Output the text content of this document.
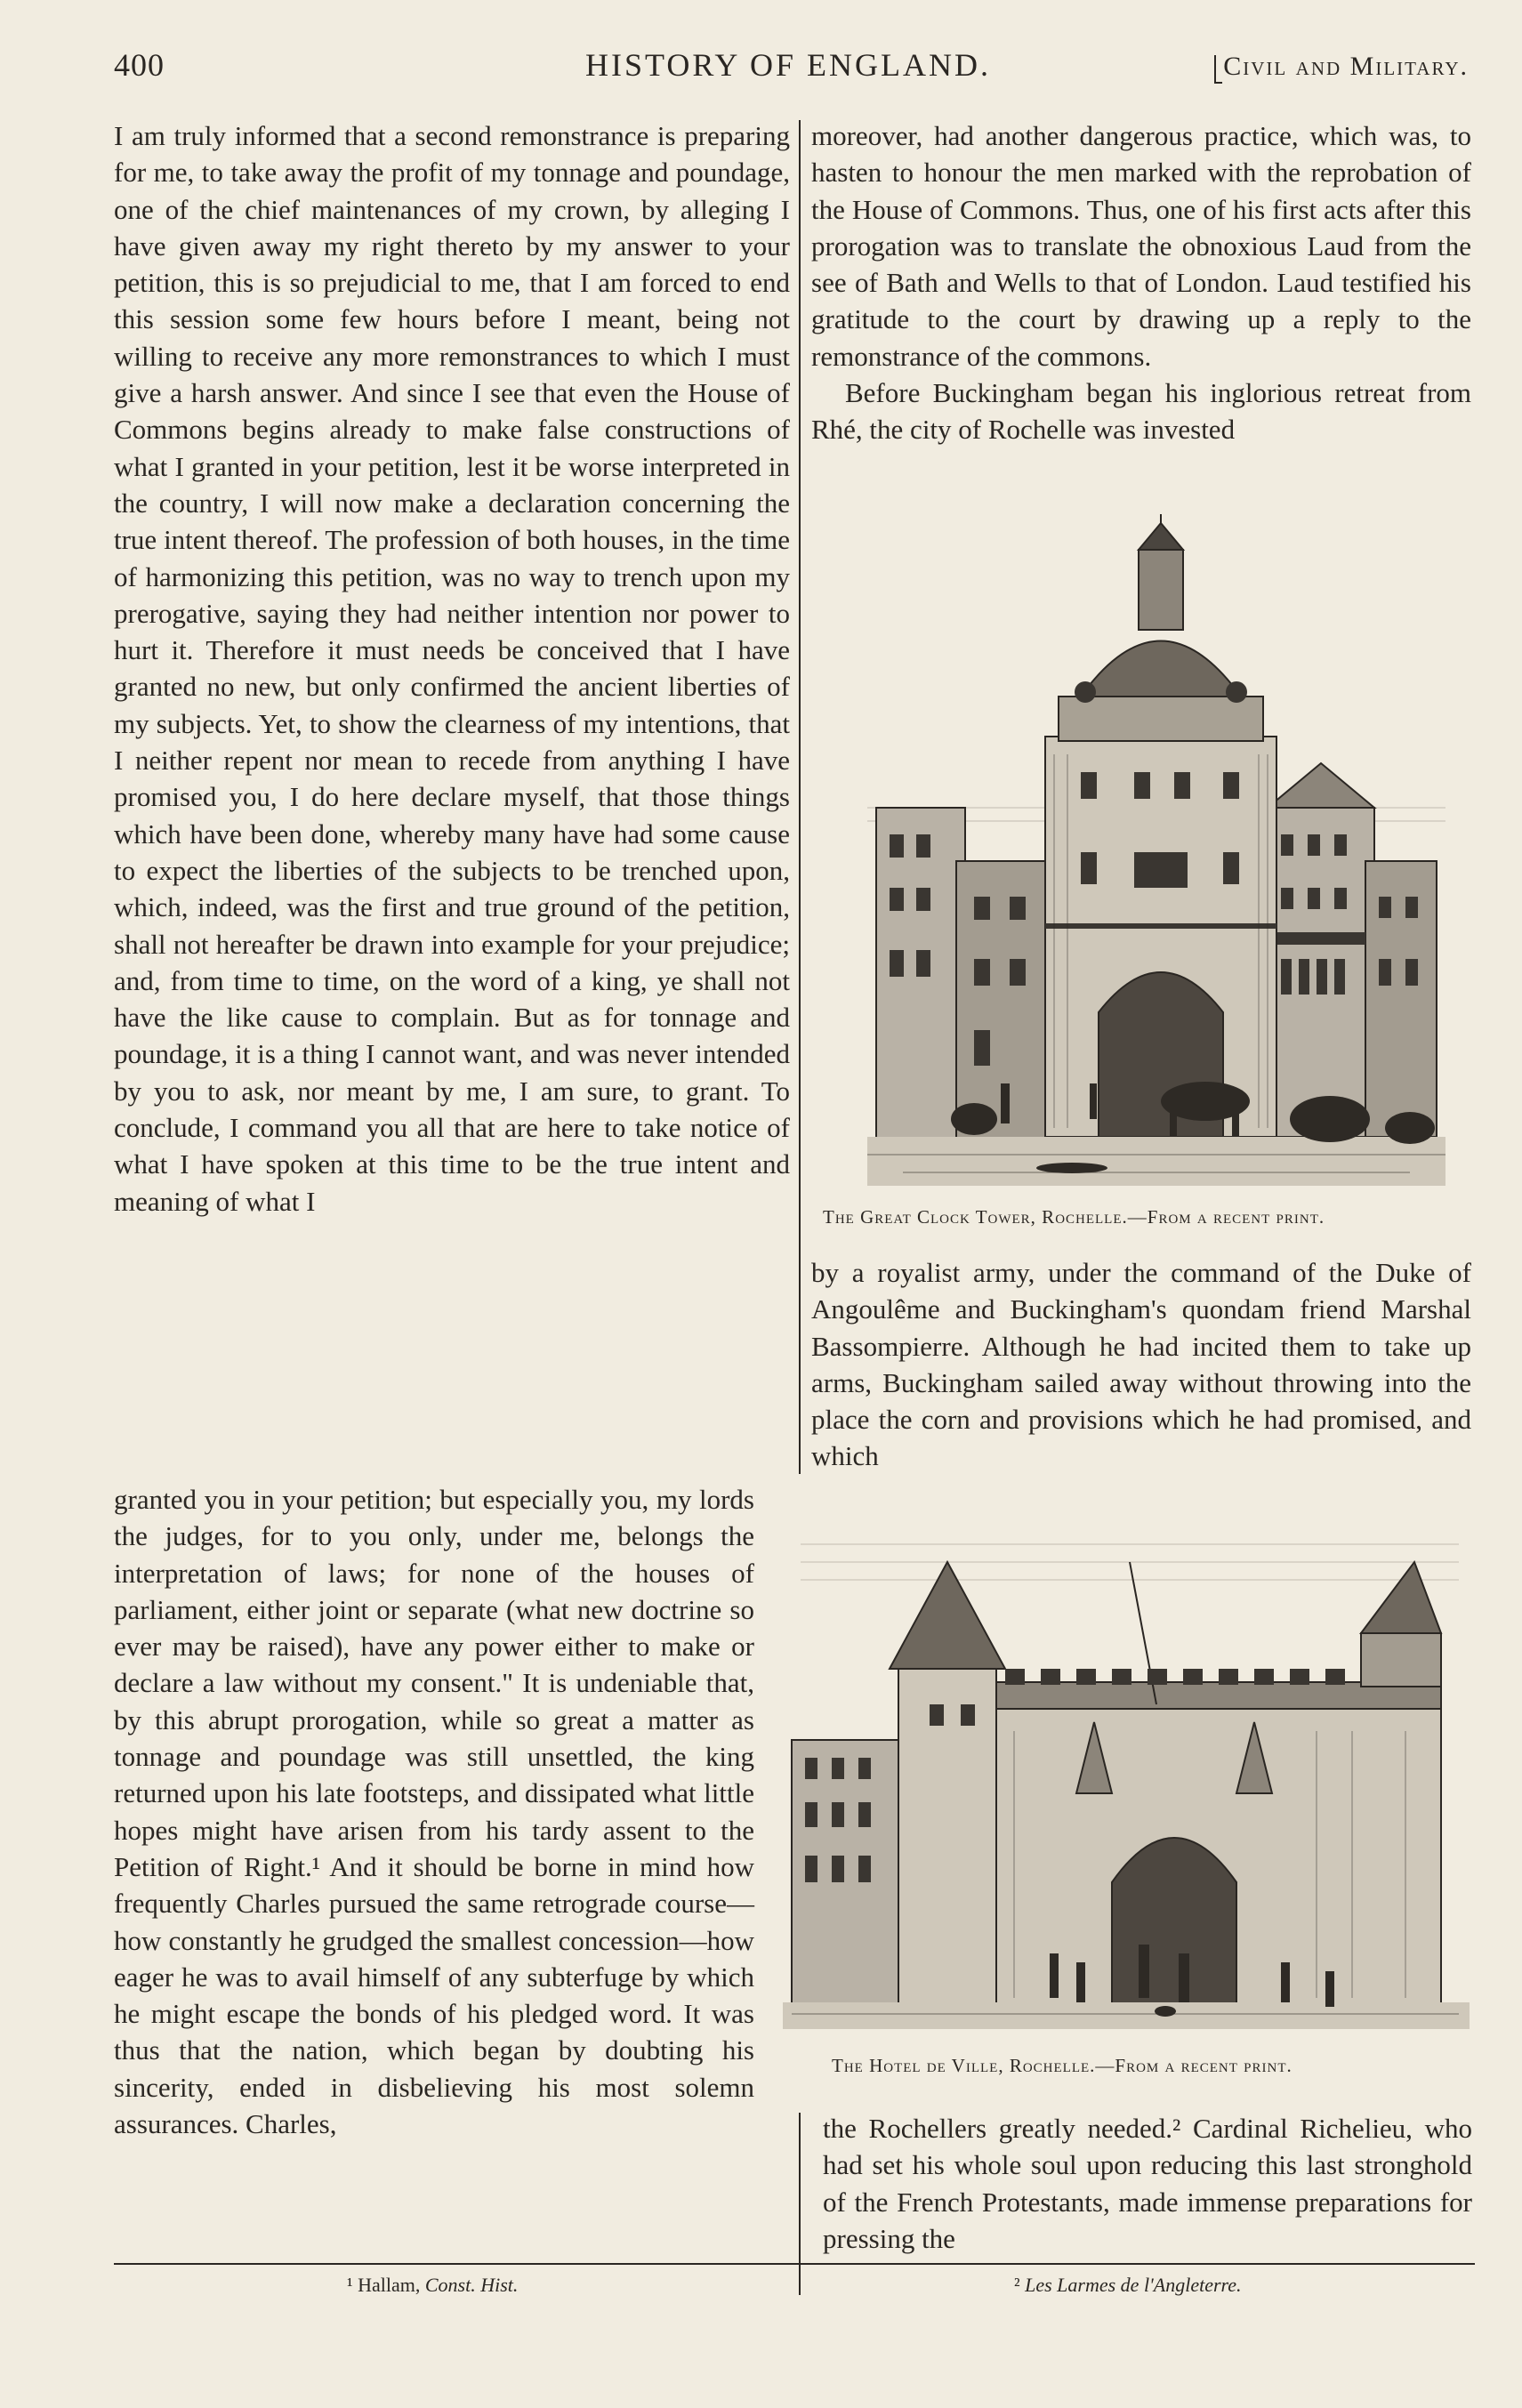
400	HISTORY OF ENGLAND.	Civil and Military.

I am truly informed that a second remonstrance is preparing for me, to take away the profit of my tonnage and poundage, one of the chief maintenances of my crown, by alleging I have given away my right thereto by my answer to your petition, this is so prejudicial to me, that I am forced to end this session some few hours before I meant, being not willing to receive any more remonstrances to which I must give a harsh answer. And since I see that even the House of Commons begins already to make false constructions of what I granted in your petition, lest it be worse interpreted in the country, I will now make a declaration concerning the true intent thereof. The profession of both houses, in the time of harmonizing this petition, was no way to trench upon my prerogative, saying they had neither intention nor power to hurt it. Therefore it must needs be conceived that I have granted no new, but only confirmed the ancient liberties of my subjects. Yet, to show the clearness of my intentions, that I neither repent nor mean to recede from anything I have promised you, I do here declare myself, that those things which have been done, whereby many have had some cause to expect the liberties of the subjects to be trenched upon, which, indeed, was the first and true ground of the petition, shall not hereafter be drawn into example for your prejudice; and, from time to time, on the word of a king, ye shall not have the like cause to complain. But as for tonnage and poundage, it is a thing I cannot want, and was never intended by you to ask, nor meant by me, I am sure, to grant. To conclude, I command you all that are here to take notice of what I have spoken at this time to be the true intent and meaning of what I

moreover, had another dangerous practice, which was, to hasten to honour the men marked with the reprobation of the House of Commons. Thus, one of his first acts after this prorogation was to translate the obnoxious Laud from the see of Bath and Wells to that of London. Laud testified his gratitude to the court by drawing up a reply to the remonstrance of the commons.

Before Buckingham began his inglorious retreat from Rhé, the city of Rochelle was invested

The Great Clock Tower, Rochelle.—From a recent print.

by a royalist army, under the command of the Duke of Angoulême and Buckingham's quondam friend Marshal Bassompierre. Although he had incited them to take up arms, Buckingham sailed away without throwing into the place the corn and provisions which he had promised, and which

granted you in your petition; but especially you, my lords the judges, for to you only, under me, belongs the interpretation of laws; for none of the houses of parliament, either joint or separate (what new doctrine so ever may be raised), have any power either to make or declare a law without my consent." It is undeniable that, by this abrupt prorogation, while so great a matter as tonnage and poundage was still unsettled, the king returned upon his late footsteps, and dissipated what little hopes might have arisen from his tardy assent to the Petition of Right.¹ And it should be borne in mind how frequently Charles pursued the same retrograde course—how constantly he grudged the smallest concession—how eager he was to avail himself of any subterfuge by which he might escape the bonds of his pledged word. It was thus that the nation, which began by doubting his sincerity, ended in disbelieving his most solemn assurances. Charles,

The Hotel de Ville, Rochelle.—From a recent print.

the Rochellers greatly needed.² Cardinal Richelieu, who had set his whole soul upon reducing this last stronghold of the French Protestants, made immense preparations for pressing the

¹ Hallam, Const. Hist.	² Les Larmes de l'Angleterre.
